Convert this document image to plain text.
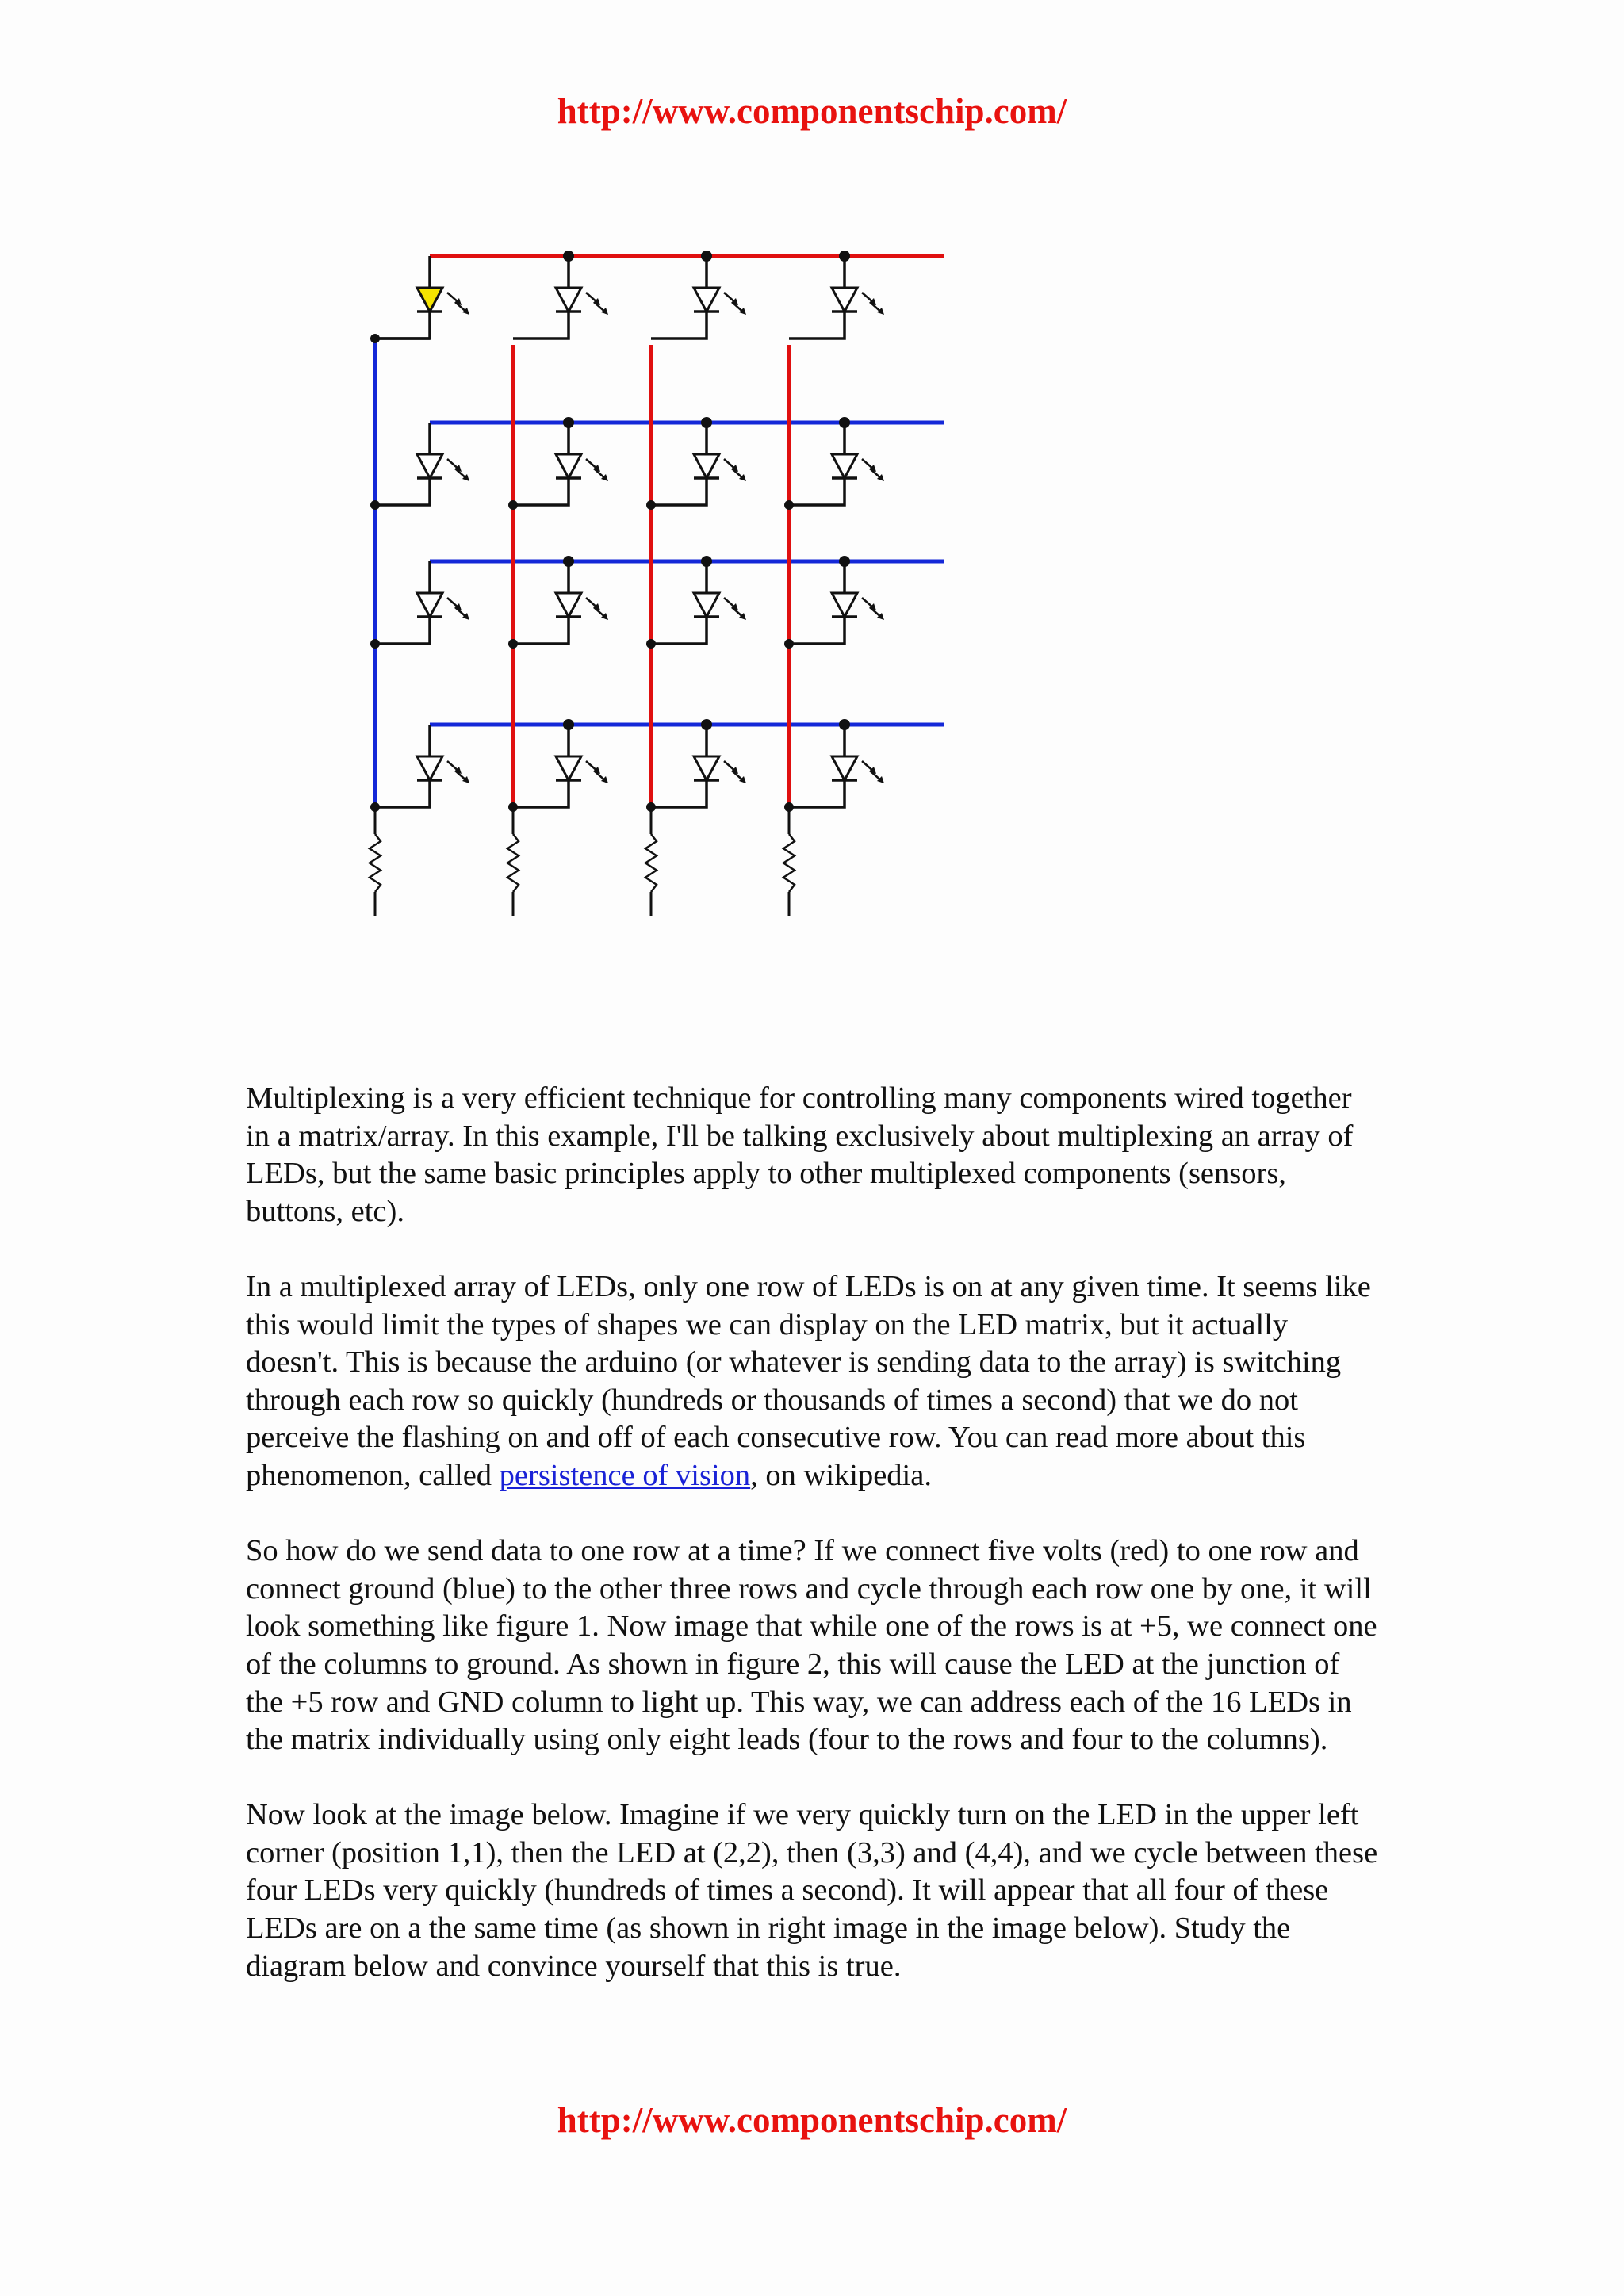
http://www.componentschip.com/

Multiplexing is a very efficient technique for controlling many components wired together in a matrix/array. In this example, I'll be talking exclusively about multiplexing an array of LEDs, but the same basic principles apply to other multiplexed components (sensors, buttons, etc).

In a multiplexed array of LEDs, only one row of LEDs is on at any given time. It seems like this would limit the types of shapes we can display on the LED matrix, but it actually doesn't. This is because the arduino (or whatever is sending data to the array) is switching through each row so quickly (hundreds or thousands of times a second) that we do not perceive the flashing on and off of each consecutive row. You can read more about this phenomenon, called persistence of vision, on wikipedia.

So how do we send data to one row at a time? If we connect five volts (red) to one row and connect ground (blue) to the other three rows and cycle through each row one by one, it will look something like figure 1. Now image that while one of the rows is at +5, we connect one of the columns to ground. As shown in figure 2, this will cause the LED at the junction of the +5 row and GND column to light up. This way, we can address each of the 16 LEDs in the matrix individually using only eight leads (four to the rows and four to the columns).

Now look at the image below. Imagine if we very quickly turn on the LED in the upper left corner (position 1,1), then the LED at (2,2), then (3,3) and (4,4), and we cycle between these four LEDs very quickly (hundreds of times a second). It will appear that all four of these LEDs are on a the same time (as shown in right image in the image below). Study the diagram below and convince yourself that this is true.

http://www.componentschip.com/
